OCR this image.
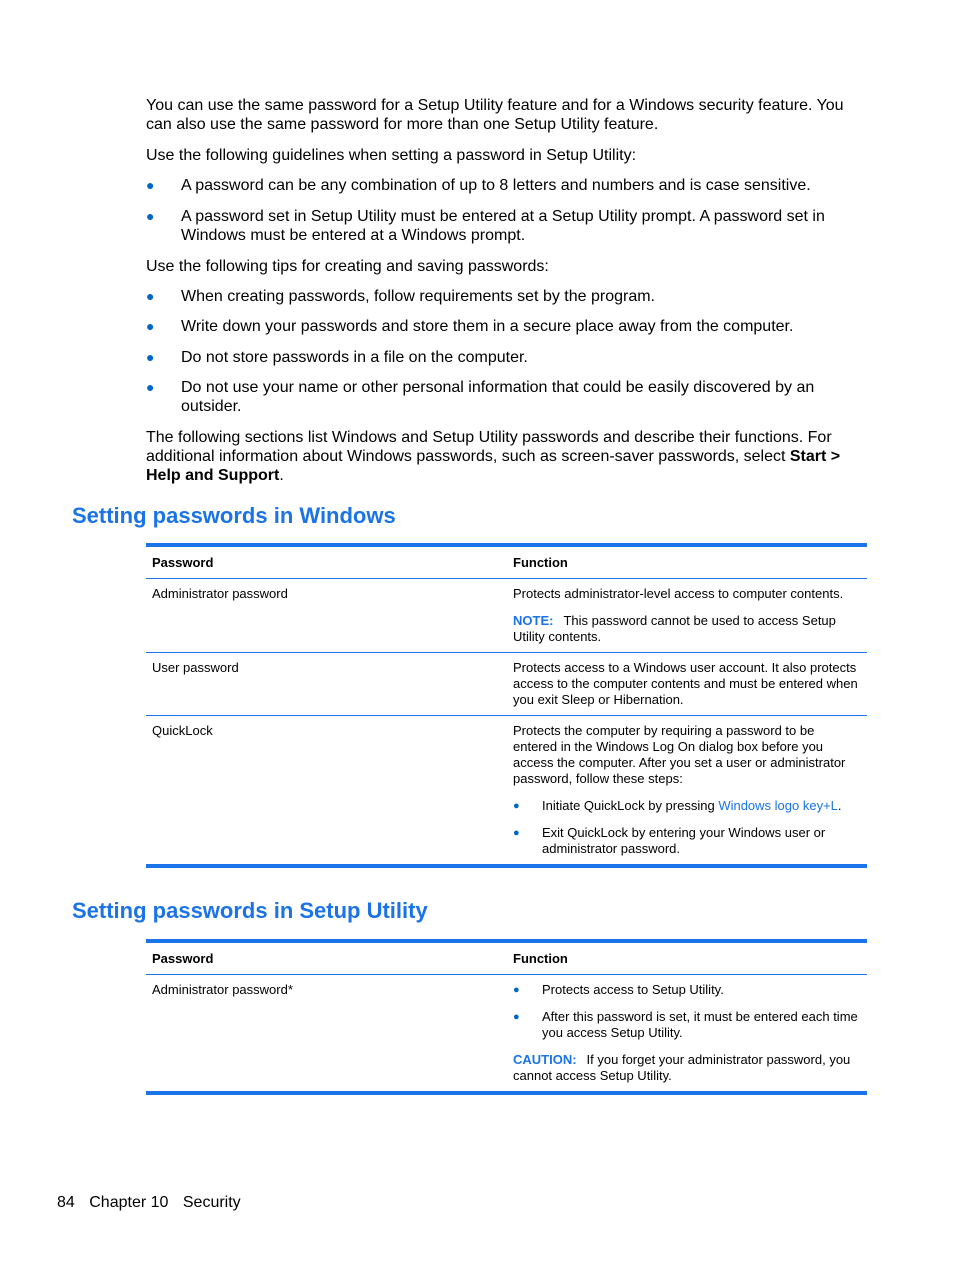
You can use the same password for a Setup Utility feature and for a Windows security feature. You can also use the same password for more than one Setup Utility feature.

Use the following guidelines when setting a password in Setup Utility:

● A password can be any combination of up to 8 letters and numbers and is case sensitive.
● A password set in Setup Utility must be entered at a Setup Utility prompt. A password set in Windows must be entered at a Windows prompt.

Use the following tips for creating and saving passwords:

● When creating passwords, follow requirements set by the program.
● Write down your passwords and store them in a secure place away from the computer.
● Do not store passwords in a file on the computer.
● Do not use your name or other personal information that could be easily discovered by an outsider.

The following sections list Windows and Setup Utility passwords and describe their functions. For additional information about Windows passwords, such as screen-saver passwords, select Start > Help and Support.

Setting passwords in Windows
Password	Function
Administrator password	Protects administrator-level access to computer contents.

NOTE: This password cannot be used to access Setup Utility contents.

User password	Protects access to a Windows user account. It also protects access to the computer contents and must be entered when you exit Sleep or Hibernation.

QuickLock	Protects the computer by requiring a password to be entered in the Windows Log On dialog box before you access the computer. After you set a user or administrator password, follow these steps:

● Initiate QuickLock by pressing Windows logo key+L.
● Exit QuickLock by entering your Windows user or administrator password.
Setting passwords in Setup Utility
Password	Function
Administrator password*	● Protects access to Setup Utility.
● After this password is set, it must be entered each time you access Setup Utility.

CAUTION: If you forget your administrator password, you cannot access Setup Utility.

84 Chapter 10 Security
